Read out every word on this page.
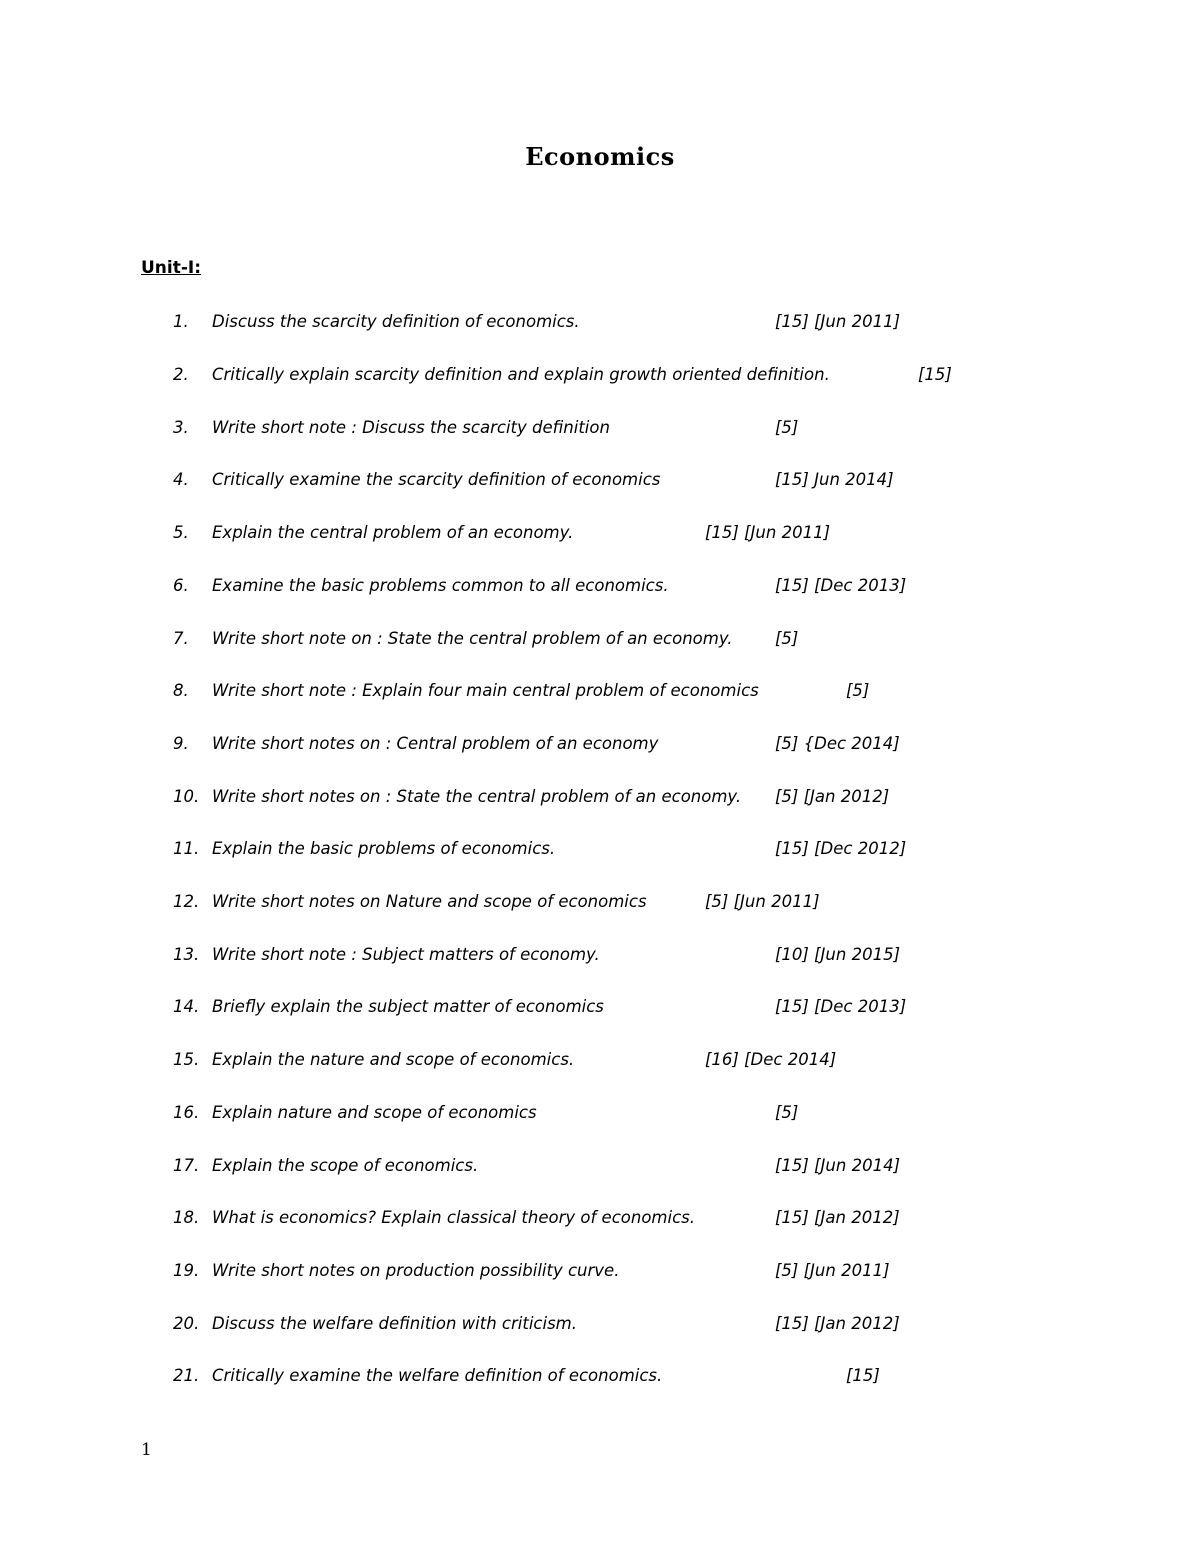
Economics
Unit-I:
1. Discuss the scarcity definition of economics.	[15] [Jun 2011]
2. Critically explain scarcity definition and explain growth oriented definition.	[15]
3. Write short note : Discuss the scarcity definition	[5]
4. Critically examine the scarcity definition of economics	[15] Jun 2014]
5. Explain the central problem of an economy.	[15] [Jun 2011]
6. Examine the basic problems common to all economics.	[15] [Dec 2013]
7. Write short note on : State the central problem of an economy.	[5]
8. Write short note : Explain four main central problem of economics	[5]
9. Write short notes on : Central problem of an economy	[5] {Dec 2014]
10. Write short notes on : State the central problem of an economy. [5] [Jan 2012]
11. Explain the basic problems of economics.	[15] [Dec 2012]
12. Write short notes on Nature and scope of economics	[5] [Jun 2011]
13. Write short note : Subject matters of economy.	[10] [Jun 2015]
14. Briefly explain the subject matter of economics	[15] [Dec 2013]
15. Explain the nature and scope of economics.	[16] [Dec 2014]
16. Explain nature and scope of economics	[5]
17. Explain the scope of economics.	[15] [Jun 2014]
18. What is economics? Explain classical theory of economics.	[15] [Jan 2012]
19. Write short notes on production possibility curve.	[5] [Jun 2011]
20. Discuss the welfare definition with criticism.	[15] [Jan 2012]
21. Critically examine the welfare definition of economics.	[15]
1
